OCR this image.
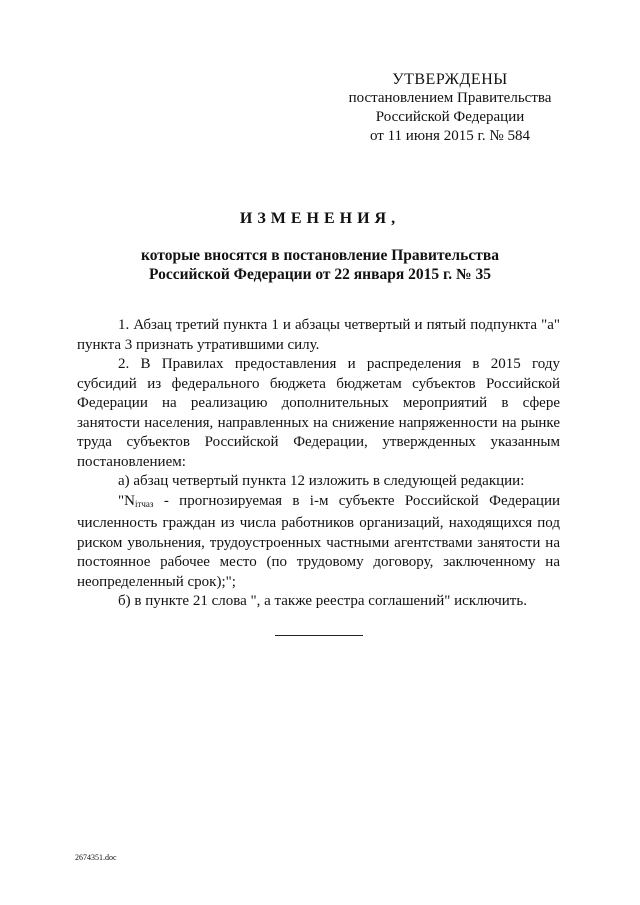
УТВЕРЖДЕНЫ
постановлением Правительства
Российской Федерации
от 11 июня 2015 г. № 584
ИЗМЕНЕНИЯ,
которые вносятся в постановление Правительства
Российской Федерации от 22 января 2015 г. № 35

1. Абзац третий пункта 1 и абзацы четвертый и пятый подпункта "а" пункта 3 признать утратившими силу.

2. В Правилах предоставления и распределения в 2015 году субсидий из федерального бюджета бюджетам субъектов Российской Федерации на реализацию дополнительных мероприятий в сфере занятости населения, направленных на снижение напряженности на рынке труда субъектов Российской Федерации, утвержденных указанным постановлением:

а) абзац четвертый пункта 12 изложить в следующей редакции:

"$N_{ітчаз}$ - прогнозируемая в і-м субъекте Российской Федерации численность граждан из числа работников организаций, находящихся под риском увольнения, трудоустроенных частными агентствами занятости на постоянное рабочее место (по трудовому договору, заключенному на неопределенный срок);";

б) в пункте 21 слова ", а также реестра соглашений" исключить.

2674351.doc
